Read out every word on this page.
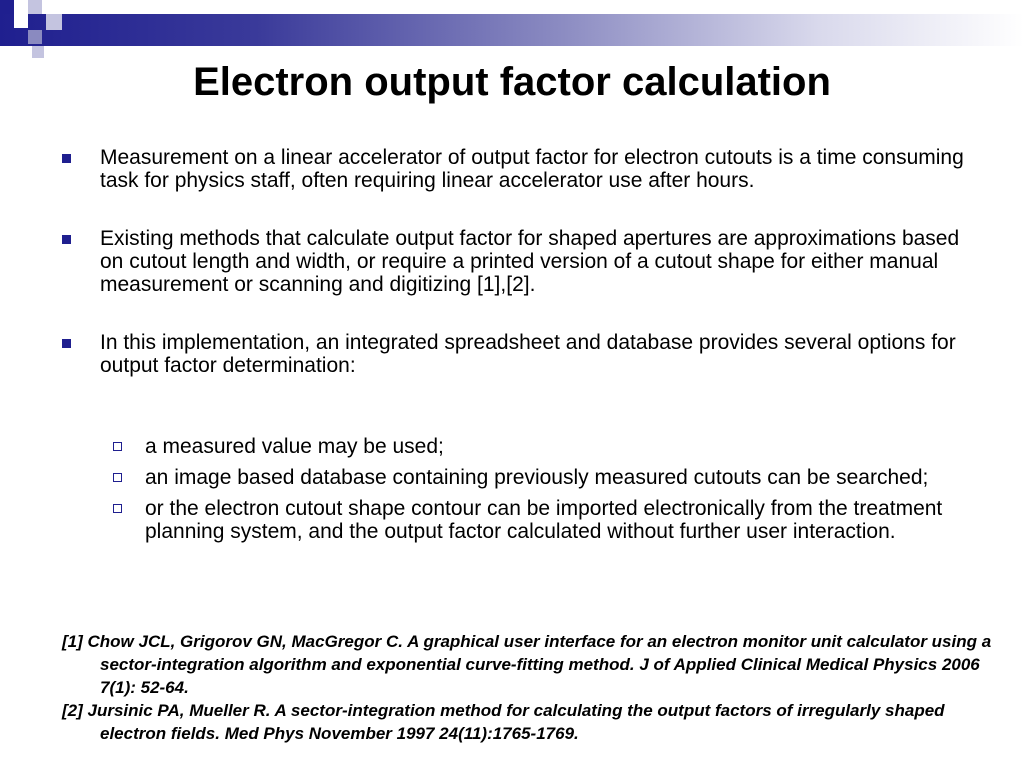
Electron output factor calculation
Measurement on a linear accelerator of output factor for electron cutouts is a time consuming task for physics staff, often requiring linear accelerator use after hours.
Existing methods that calculate output factor for shaped apertures are approximations based on cutout length and width, or require a printed version of a cutout shape for either manual measurement or scanning and digitizing [1],[2].
In this implementation, an integrated spreadsheet and database provides several options for output factor determination:
a measured value may be used;
an image based database containing previously measured cutouts can be searched;
or the electron cutout shape contour can be imported electronically from the treatment planning system, and the output factor calculated without further user interaction.
[1] Chow JCL, Grigorov GN, MacGregor C. A graphical user interface for an electron monitor unit calculator using a sector-integration algorithm and exponential curve-fitting method. J of Applied Clinical Medical Physics 2006 7(1): 52-64.
[2] Jursinic PA, Mueller R. A sector-integration method for calculating the output factors of irregularly shaped electron fields. Med Phys November 1997 24(11):1765-1769.
